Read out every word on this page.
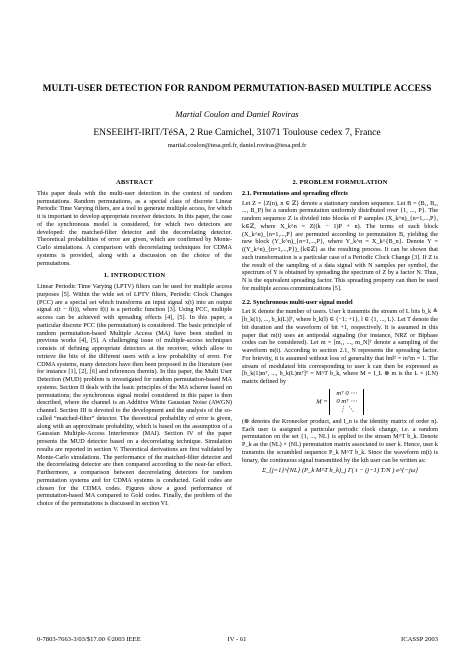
MULTI-USER DETECTION FOR RANDOM PERMUTATION-BASED MULTIPLE ACCESS
Martial Coulon and Daniel Roviras
ENSEEIHT-IRIT/TéSA, 2 Rue Camichel, 31071 Toulouse cedex 7, France
martial.coulon@tesa.prd.fr, daniel.roviras@tesa.prd.fr
ABSTRACT

This paper deals with the multi-user detection in the context of random permutations. Random permutations, as a special class of discrete Linear Periodic Time Varying filters, are a tool to generate multiple access, for which it is important to develop appropriate receiver detectors. In this paper, the case of the synchronous model is considered, for which two detectors are developed: the matched-filter detector and the decorrelating detector. Theoretical probabilities of error are given, which are confirmed by Monte-Carlo simulations. A comparison with decorrelating techniques for CDMA systems is provided, along with a discussion on the choice of the permutations.

1. INTRODUCTION

Linear Periodic Time Varying (LPTV) filters can be used for multiple access purposes [5]. Within the wide set of LPTV filters, Periodic Clock Changes (PCC) are a special set which transforms an input signal x(t) into an output signal z(t − f(t)), where f(t) is a periodic function [3]. Using PCC, multiple access can be achieved with spreading effects [4], [5]. In this paper, a particular discrete PCC (the permutation) is considered. The basic principle of random permutation-based Multiple Access (MA) have been studied in previous works [4], [5]. A challenging issue of multiple-access techniques consists of defining appropriate detectors at the receiver, which allow to retrieve the bits of the different users with a low probability of error. For CDMA systems, many detectors have then been proposed in the literature (see for instance [1], [2], [6] and references therein). In this paper, the Multi User Detection (MUD) problem is investigated for random permutation-based MA systems. Section II deals with the basic principles of the MA scheme based on permutations; the synchronous signal model considered in this paper is then described, where the channel is an Additive White Gaussian Noise (AWGN) channel. Section III is devoted to the development and the analysis of the so-called “matched-filter” detector. The theoretical probability of error is given, along with an approximate probability, which is based on the assumption of a Gaussian Multiple-Access Interference (MAI). Section IV of the paper presents the MUD detector based on a decorrelating technique. Simulation results are reported in section V. Theoretical derivations are first validated by Monte-Carlo simulations. The performance of the matched-filter detector and the decorrelating detector are then compared according to the near-far effect. Furthermore, a comparison between decorrelating detectors for random permutation systems and for CDMA systems is conducted. Gold codes are chosen for the CDMA codes. Figures show a good performance of permutation-based MA compared to Gold codes. Finally, the problem of the choice of the permutations is discussed in section VI.

2. PROBLEM FORMULATION
2.1. Permutations and spreading effects

Let Z = {Z(n), n ∈ ℤ} denote a stationary random sequence. Let B = (B₁, B₂, ..., B_P) be a random permutation uniformly distributed over {1, ..., P}. The random sequence Z is divided into blocks of P samples (X_k^n)_{n=1,...,P}, k∈ℤ, where X_k^n = Z((k − 1)P + n). The terms of each block (X_k^n)_{n=1,...,P} are permuted according to permutation B, yielding the new block (Y_k^n)_{n=1,...,P}, where Y_k^n = X_k^{B_n}. Denote Y = ((Y_k^n)_{n=1,...,P})_{k∈ℤ} as the resulting process. It can be shown that such transformation is a particular case of a Periodic Clock Change [3]. If Z is the result of the sampling of a data signal with N samples per symbol, the spectrum of Y is obtained by spreading the spectrum of Z by a factor N. Thus, N is the equivalent spreading factor. This spreading property can then be used for multiple access communications [5].

2.2. Synchronous multi-user signal model

Let K denote the number of users. User k transmits the stream of L bits b_k ≜ [b_k(1), ..., b_k(L)]ᵀ, where b_k(l) ∈ {−1; +1}, l ∈ {1, ..., L}. Let T denote the bit duration and the waveform of bit +1, respectively. It is assumed in this paper that m(t) uses an antipodal signaling (for instance, NRZ or Biphase codes can be considered). Let m = [m₁, ..., m_N]ᵀ denote a sampling of the waveform m(t). According to section 2.1, N represents the spreading factor. For brievity, it is assumed without loss of generality that ‖m‖² = mᵀm = 1. The stream of modulated bits corresponding to user k can then be expressed as [b_k(1)mᵀ, ..., b_k(L)mᵀ]ᵀ = M^T b_k, where M = I_L ⊗ m is the L × (LN) matrix defined by

M =
mᵀ 0 ⋯
0 mᵀ ⋯
⋮ ⋱

(⊗ denotes the Kronecker product, and I_n is the identity matrix of order n). Each user is assigned a particular periodic clock change, i.e. a random permutation on the set {1, ..., NL} is applied to the stream M^T b_k. Denote P_k as the (NL) × (NL) permutation matrix associated to user k. Hence, user k transmits the scrambled sequence P_k M^T b_k. Since the waveform m(t) is binary, the continuous signal transmitted by the kth user can be written as:

Σ_{j=1}^{NL} (P_k M^T b_k)_j Γ( t − (j−1) T/N ) e^{−jω}
0-7803-7663-3/03/$17.00 ©2003 IEEE	IV - 61	ICASSP 2003
